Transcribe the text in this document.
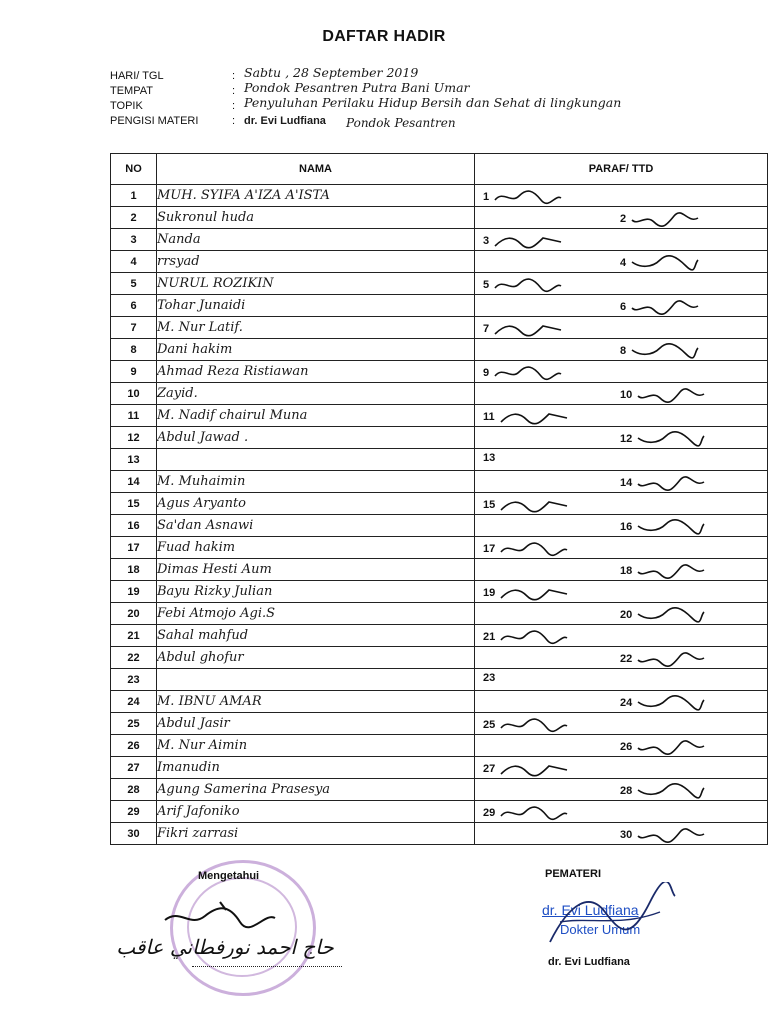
DAFTAR HADIR
HARI/ TGL	: Sabtu , 28 September 2019
TEMPAT	: Pondok Pesantren Putra Bani Umar
TOPIK	: Penyuluhan Perilaku Hidup Bersih dan Sehat di lingkungan
PENGISI MATERI	: dr. Evi Ludfiana Pondok Pesantren
NO	NAMA	PARAF/ TTD
1	MUH. SYIFA A'IZA A'ISTA	1

2	Sukronul huda	2

3	Nanda	3

4	rrsyad	4

5	NURUL ROZIKIN	5

6	Tohar Junaidi	6

7	M. Nur Latif.	7

8	Dani hakim	8

9	Ahmad Reza Ristiawan	9

10	Zayid.	10

11	M. Nadif chairul Muna	11

12	Abdul Jawad .	12

13		13

14	M. Muhaimin	14

15	Agus Aryanto	15

16	Sa'dan Asnawi	16

17	Fuad hakim	17

18	Dimas Hesti Aum	18

19	Bayu Rizky Julian	19

20	Febi Atmojo Agi.S	20

21	Sahal mahfud	21

22	Abdul ghofur	22

23		23

24	M. IBNU AMAR	24

25	Abdul Jasir	25

26	M. Nur Aimin	26

27	Imanudin	27

28	Agung Samerina Prasesya	28

29	Arif Jafoniko	29

30	Fikri zarrasi	30
Mengetahui
حاج احمد نورفطاني عاقب
PEMATERI
dr. Evi Ludfiana
Dokter Umum
dr. Evi Ludfiana
